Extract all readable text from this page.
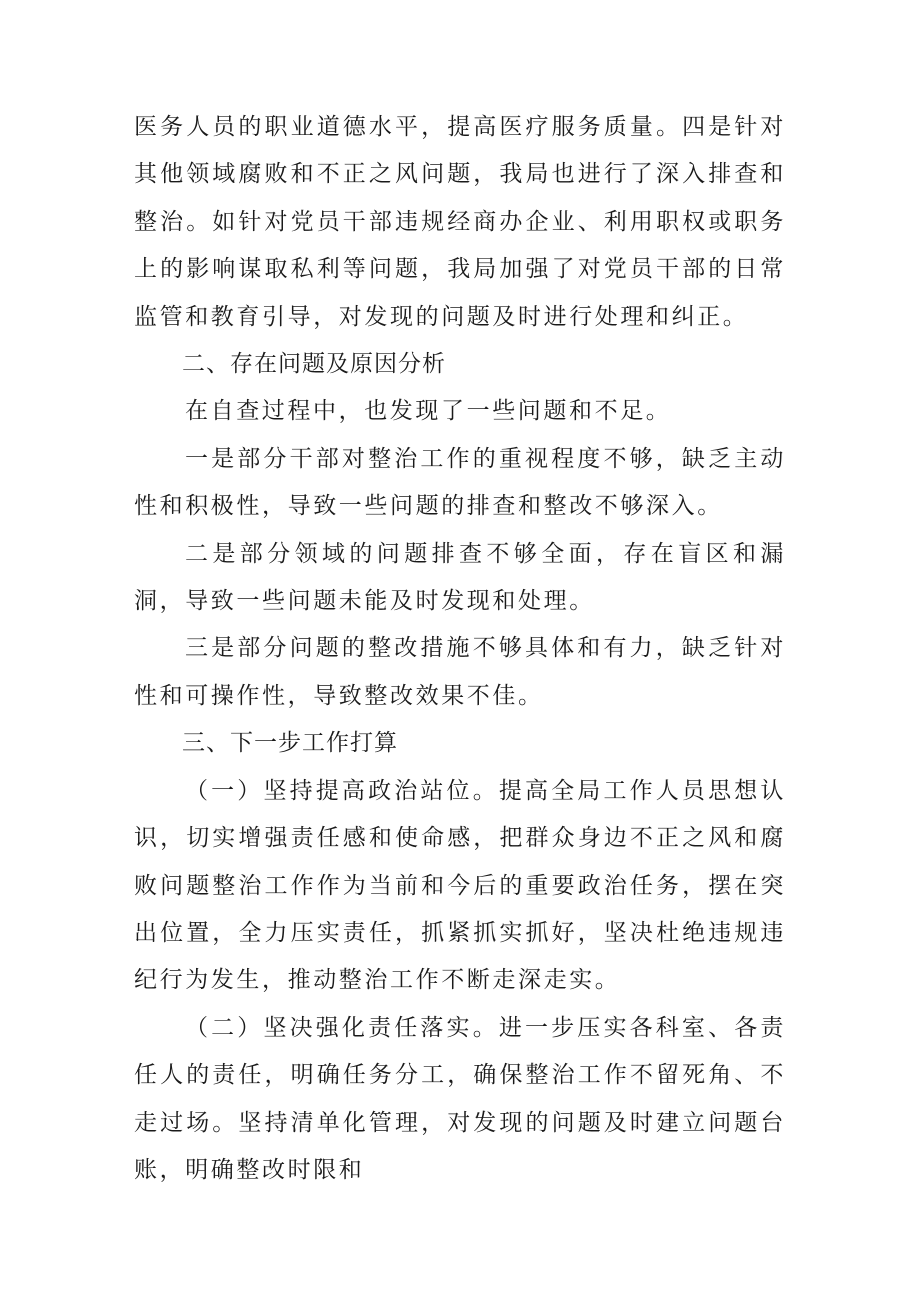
医务人员的职业道德水平，提高医疗服务质量。四是针对其他领域腐败和不正之风问题，我局也进行了深入排查和整治。如针对党员干部违规经商办企业、利用职权或职务上的影响谋取私利等问题，我局加强了对党员干部的日常监管和教育引导，对发现的问题及时进行处理和纠正。

二、存在问题及原因分析

在自查过程中，也发现了一些问题和不足。

一是部分干部对整治工作的重视程度不够，缺乏主动性和积极性，导致一些问题的排查和整改不够深入。

二是部分领域的问题排查不够全面，存在盲区和漏洞，导致一些问题未能及时发现和处理。

三是部分问题的整改措施不够具体和有力，缺乏针对性和可操作性，导致整改效果不佳。

三、下一步工作打算

（一）坚持提高政治站位。提高全局工作人员思想认识，切实增强责任感和使命感，把群众身边不正之风和腐败问题整治工作作为当前和今后的重要政治任务，摆在突出位置，全力压实责任，抓紧抓实抓好，坚决杜绝违规违纪行为发生，推动整治工作不断走深走实。

（二）坚决强化责任落实。进一步压实各科室、各责任人的责任，明确任务分工，确保整治工作不留死角、不走过场。坚持清单化管理，对发现的问题及时建立问题台账，明确整改时限和
